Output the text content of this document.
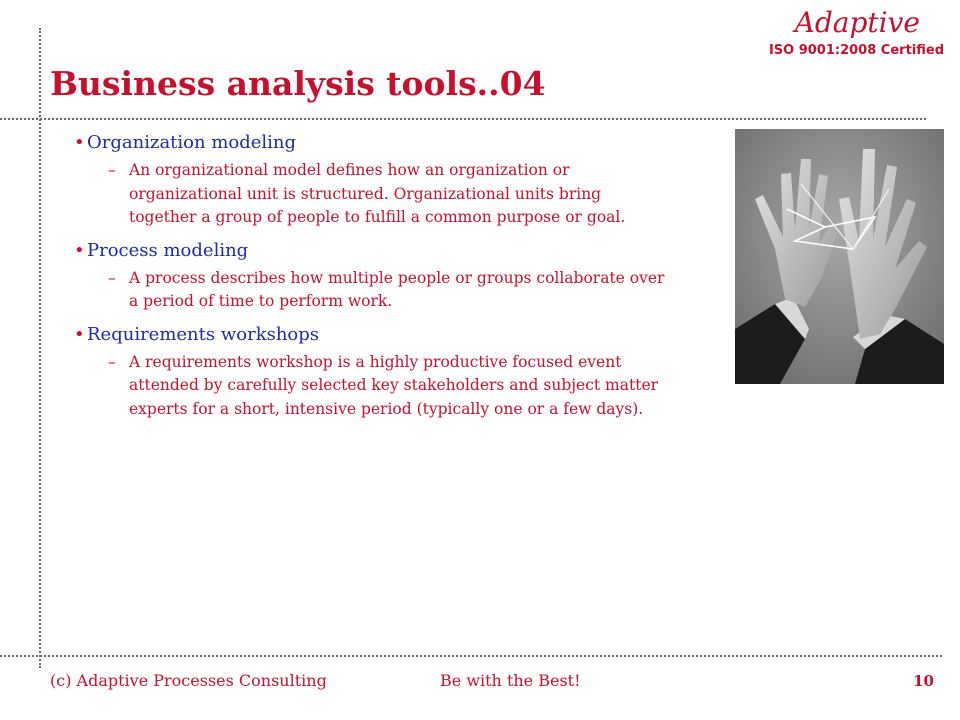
Adaptive
ISO 9001:2008 Certified
Business analysis tools..04
• Organization modeling
– An organizational model defines how an organization or organizational unit is structured. Organizational units bring together a group of people to fulfill a common purpose or goal.
• Process modeling
– A process describes how multiple people or groups collaborate over a period of time to perform work.
• Requirements workshops
– A requirements workshop is a highly productive focused event attended by carefully selected key stakeholders and subject matter experts for a short, intensive period (typically one or a few days).
(c) Adaptive Processes Consulting	Be with the Best!	10
